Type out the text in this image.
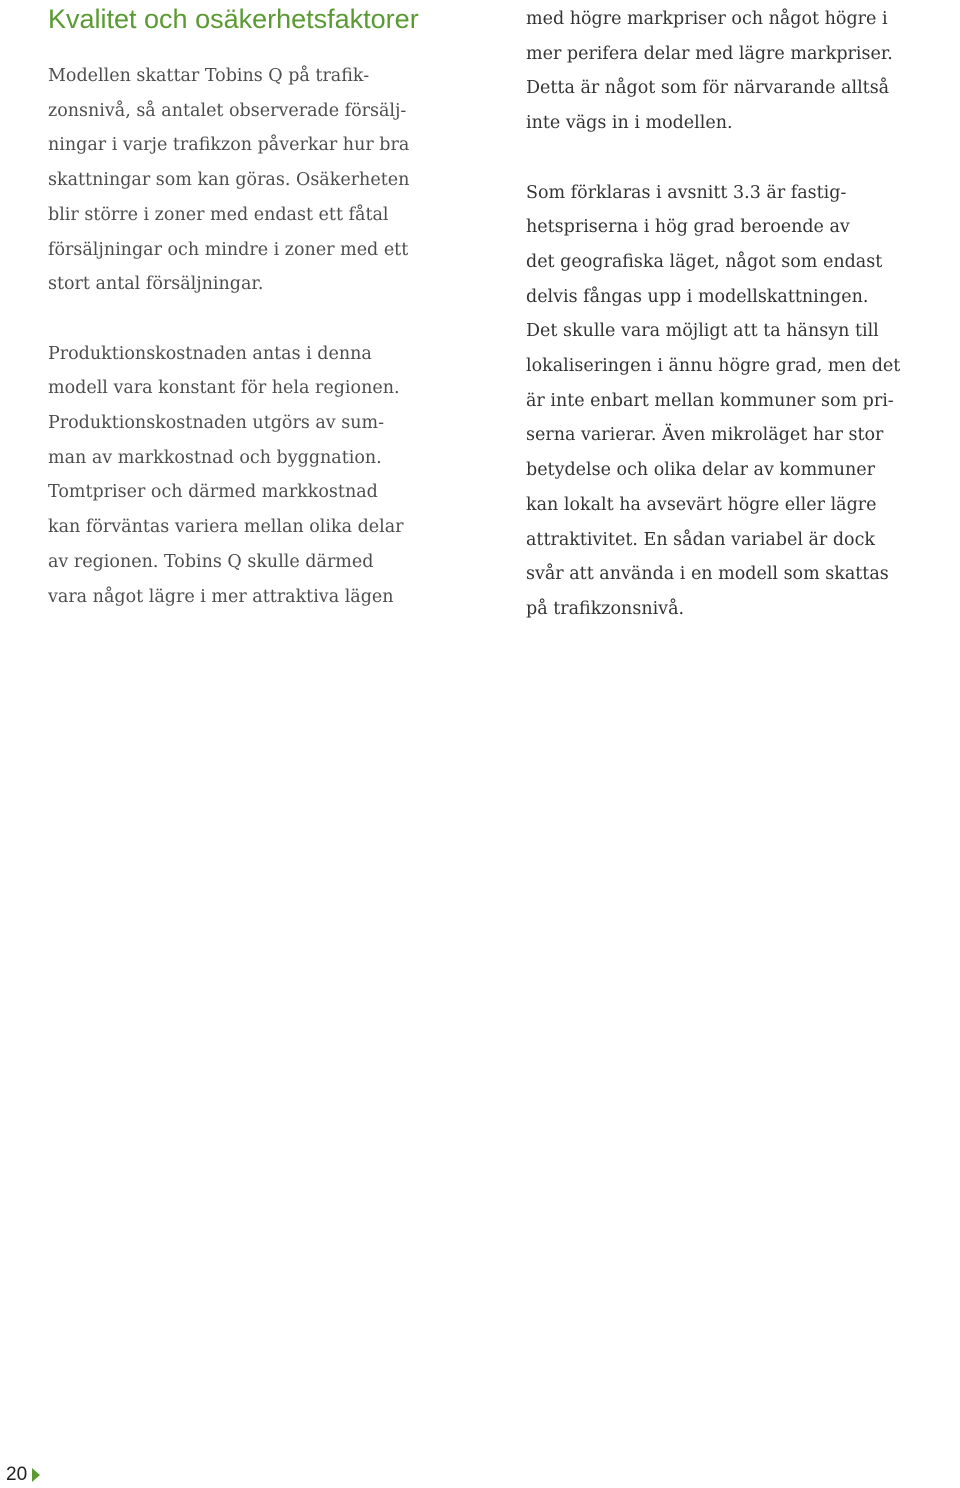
Kvalitet och osäkerhetsfaktorer

Modellen skattar Tobins Q på trafik-
zonsnivå, så antalet observerade försälj-
ningar i varje trafikzon påverkar hur bra
skattningar som kan göras. Osäkerheten
blir större i zoner med endast ett fåtal
försäljningar och mindre i zoner med ett
stort antal försäljningar.

Produktionskostnaden antas i denna
modell vara konstant för hela regionen.
Produktionskostnaden utgörs av sum-
man av markkostnad och byggnation.
Tomtpriser och därmed markkostnad
kan förväntas variera mellan olika delar
av regionen. Tobins Q skulle därmed
vara något lägre i mer attraktiva lägen

med högre markpriser och något högre i
mer perifera delar med lägre markpriser.
Detta är något som för närvarande alltså
inte vägs in i modellen.

Som förklaras i avsnitt 3.3 är fastig-
hetspriserna i hög grad beroende av
det geografiska läget, något som endast
delvis fångas upp i modellskattningen.
Det skulle vara möjligt att ta hänsyn till
lokaliseringen i ännu högre grad, men det
är inte enbart mellan kommuner som pri-
serna varierar. Även mikroläget har stor
betydelse och olika delar av kommuner
kan lokalt ha avsevärt högre eller lägre
attraktivitet. En sådan variabel är dock
svår att använda i en modell som skattas
på trafikzonsnivå.

20
